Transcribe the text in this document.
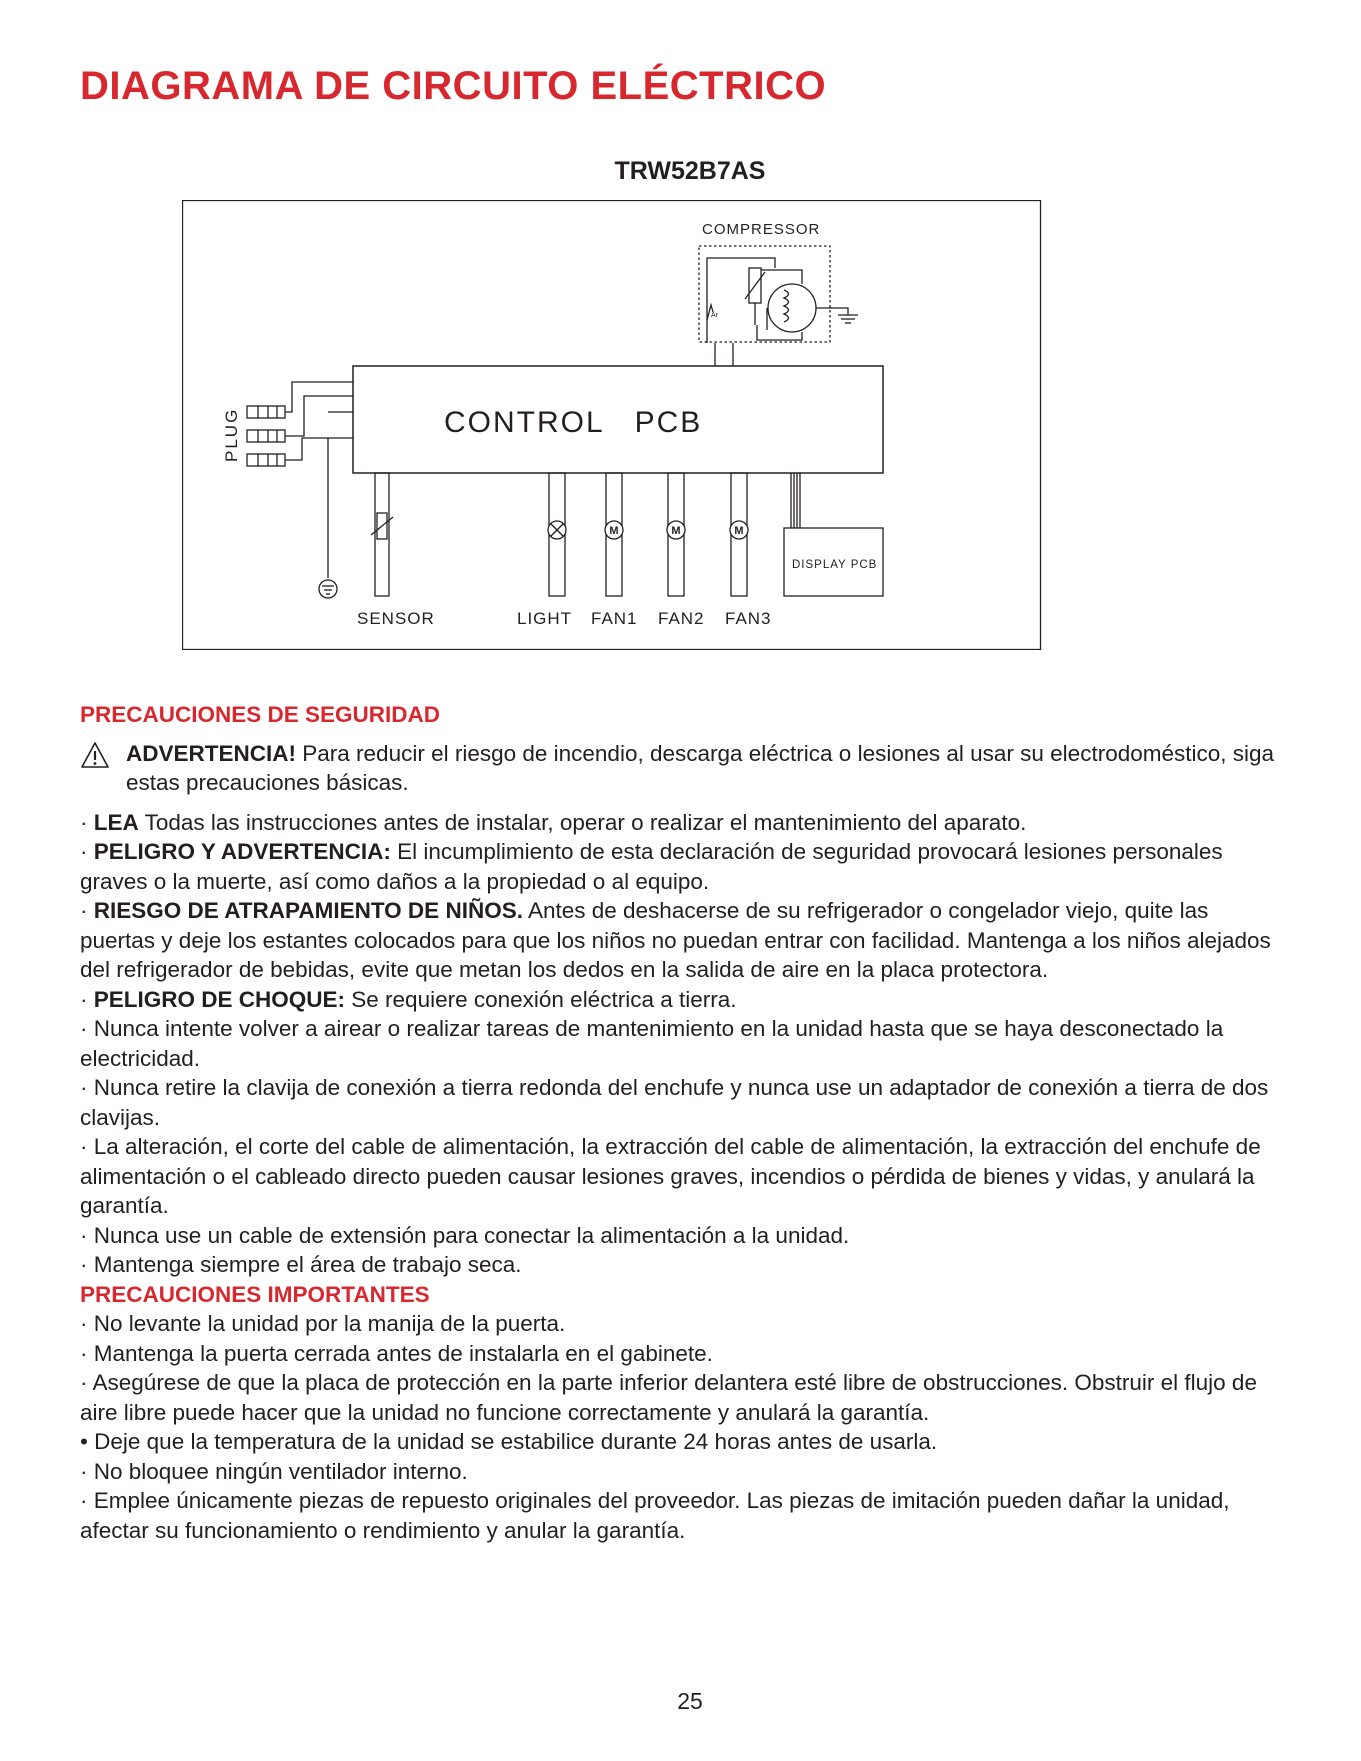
DIAGRAMA DE CIRCUITO ELÉCTRICO
TRW52B7AS
COMPRESSOR
Ar
CONTROL   PCB
PLUG
DISPLAY PCB
M	M	M
SENSOR	LIGHT FAN1 FAN2 FAN3

PRECAUCIONES DE SEGURIDAD

ADVERTENCIA! Para reducir el riesgo de incendio, descarga eléctrica o lesiones al usar su electrodoméstico, siga estas precauciones básicas.

· LEA Todas las instrucciones antes de instalar, operar o realizar el mantenimiento del aparato.

· PELIGRO Y ADVERTENCIA: El incumplimiento de esta declaración de seguridad provocará lesiones personales graves o la muerte, así como daños a la propiedad o al equipo.

· RIESGO DE ATRAPAMIENTO DE NIÑOS. Antes de deshacerse de su refrigerador o congelador viejo, quite las puertas y deje los estantes colocados para que los niños no puedan entrar con facilidad. Mantenga a los niños alejados del refrigerador de bebidas, evite que metan los dedos en la salida de aire en la placa protectora.

· PELIGRO DE CHOQUE: Se requiere conexión eléctrica a tierra.

· Nunca intente volver a airear o realizar tareas de mantenimiento en la unidad hasta que se haya desconectado la electricidad.

· Nunca retire la clavija de conexión a tierra redonda del enchufe y nunca use un adaptador de conexión a tierra de dos clavijas.

· La alteración, el corte del cable de alimentación, la extracción del cable de alimentación, la extracción del enchufe de alimentación o el cableado directo pueden causar lesiones graves, incendios o pérdida de bienes y vidas, y anulará la garantía.

· Nunca use un cable de extensión para conectar la alimentación a la unidad.

· Mantenga siempre el área de trabajo seca.

PRECAUCIONES IMPORTANTES

· No levante la unidad por la manija de la puerta.

· Mantenga la puerta cerrada antes de instalarla en el gabinete.

· Asegúrese de que la placa de protección en la parte inferior delantera esté libre de obstrucciones. Obstruir el flujo de aire libre puede hacer que la unidad no funcione correctamente y anulará la garantía.

• Deje que la temperatura de la unidad se estabilice durante 24 horas antes de usarla.

· No bloquee ningún ventilador interno.

· Emplee únicamente piezas de repuesto originales del proveedor. Las piezas de imitación pueden dañar la unidad, afectar su funcionamiento o rendimiento y anular la garantía.

25
